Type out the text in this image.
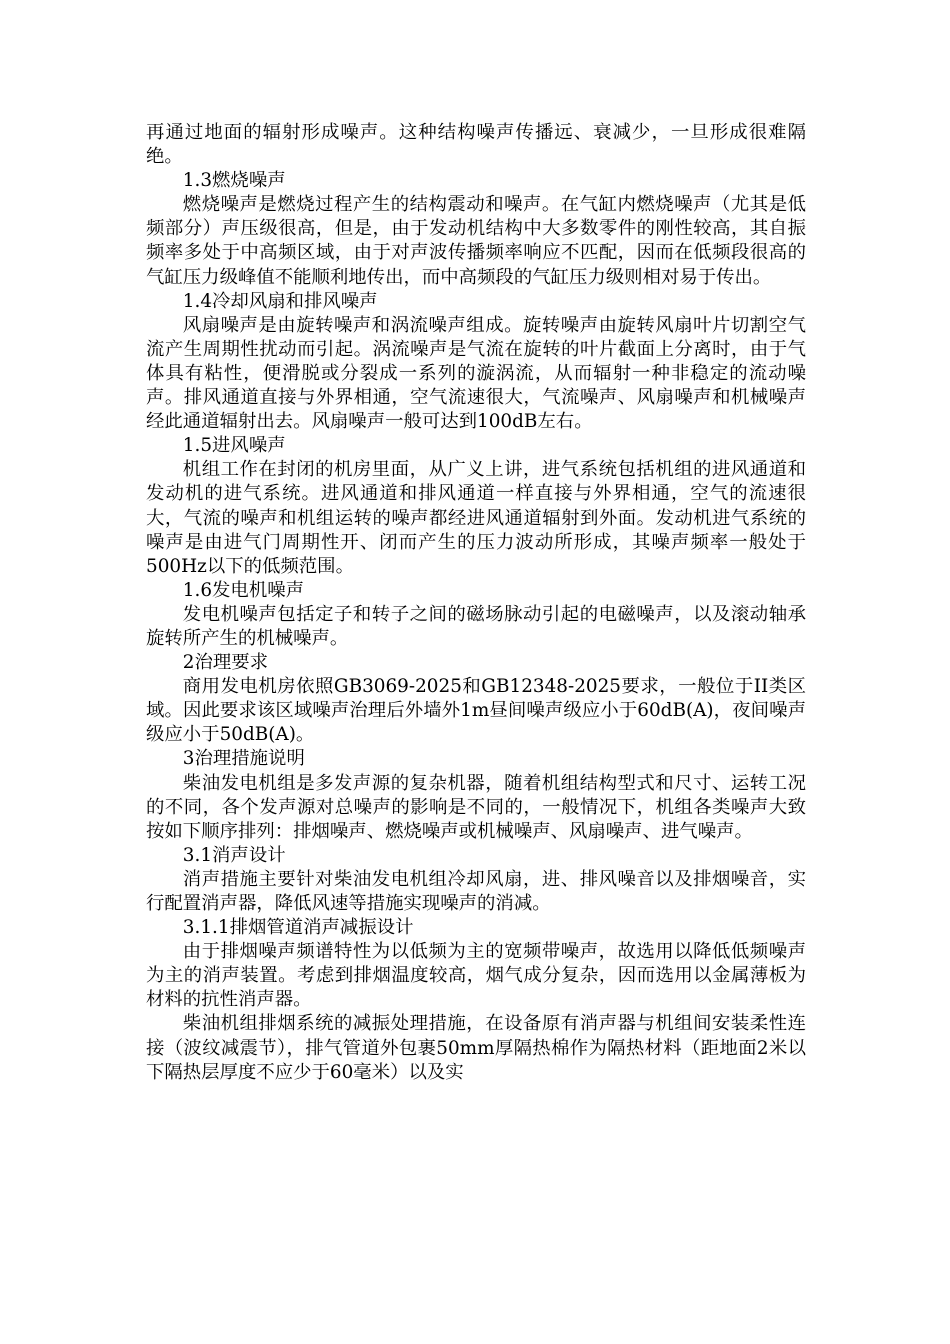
再通过地面的辐射形成噪声。这种结构噪声传播远、衰减少，一旦形成很难隔绝。

1.3燃烧噪声

燃烧噪声是燃烧过程产生的结构震动和噪声。在气缸内燃烧噪声（尤其是低频部分）声压级很高，但是，由于发动机结构中大多数零件的刚性较高，其自振频率多处于中高频区域，由于对声波传播频率响应不匹配，因而在低频段很高的气缸压力级峰值不能顺利地传出，而中高频段的气缸压力级则相对易于传出。

1.4冷却风扇和排风噪声

风扇噪声是由旋转噪声和涡流噪声组成。旋转噪声由旋转风扇叶片切割空气流产生周期性扰动而引起。涡流噪声是气流在旋转的叶片截面上分离时，由于气体具有粘性，便滑脱或分裂成一系列的漩涡流，从而辐射一种非稳定的流动噪声。排风通道直接与外界相通，空气流速很大，气流噪声、风扇噪声和机械噪声经此通道辐射出去。风扇噪声一般可达到100dB左右。

1.5进风噪声

机组工作在封闭的机房里面，从广义上讲，进气系统包括机组的进风通道和发动机的进气系统。进风通道和排风通道一样直接与外界相通，空气的流速很大，气流的噪声和机组运转的噪声都经进风通道辐射到外面。发动机进气系统的噪声是由进气门周期性开、闭而产生的压力波动所形成，其噪声频率一般处于500Hz以下的低频范围。

1.6发电机噪声

发电机噪声包括定子和转子之间的磁场脉动引起的电磁噪声，以及滚动轴承旋转所产生的机械噪声。

2治理要求

商用发电机房依照GB3069-2025和GB12348-2025要求，一般位于II类区域。因此要求该区域噪声治理后外墙外1m昼间噪声级应小于60dB(A)，夜间噪声级应小于50dB(A)。

3治理措施说明

柴油发电机组是多发声源的复杂机器，随着机组结构型式和尺寸、运转工况的不同，各个发声源对总噪声的影响是不同的，一般情况下，机组各类噪声大致按如下顺序排列：排烟噪声、燃烧噪声或机械噪声、风扇噪声、进气噪声。

3.1消声设计

消声措施主要针对柴油发电机组冷却风扇，进、排风噪音以及排烟噪音，实行配置消声器，降低风速等措施实现噪声的消减。

3.1.1排烟管道消声减振设计

由于排烟噪声频谱特性为以低频为主的宽频带噪声，故选用以降低低频噪声为主的消声装置。考虑到排烟温度较高，烟气成分复杂，因而选用以金属薄板为材料的抗性消声器。

柴油机组排烟系统的减振处理措施，在设备原有消声器与机组间安装柔性连接（波纹减震节），排气管道外包裹50mm厚隔热棉作为隔热材料（距地面2米以下隔热层厚度不应少于60毫米）以及实
